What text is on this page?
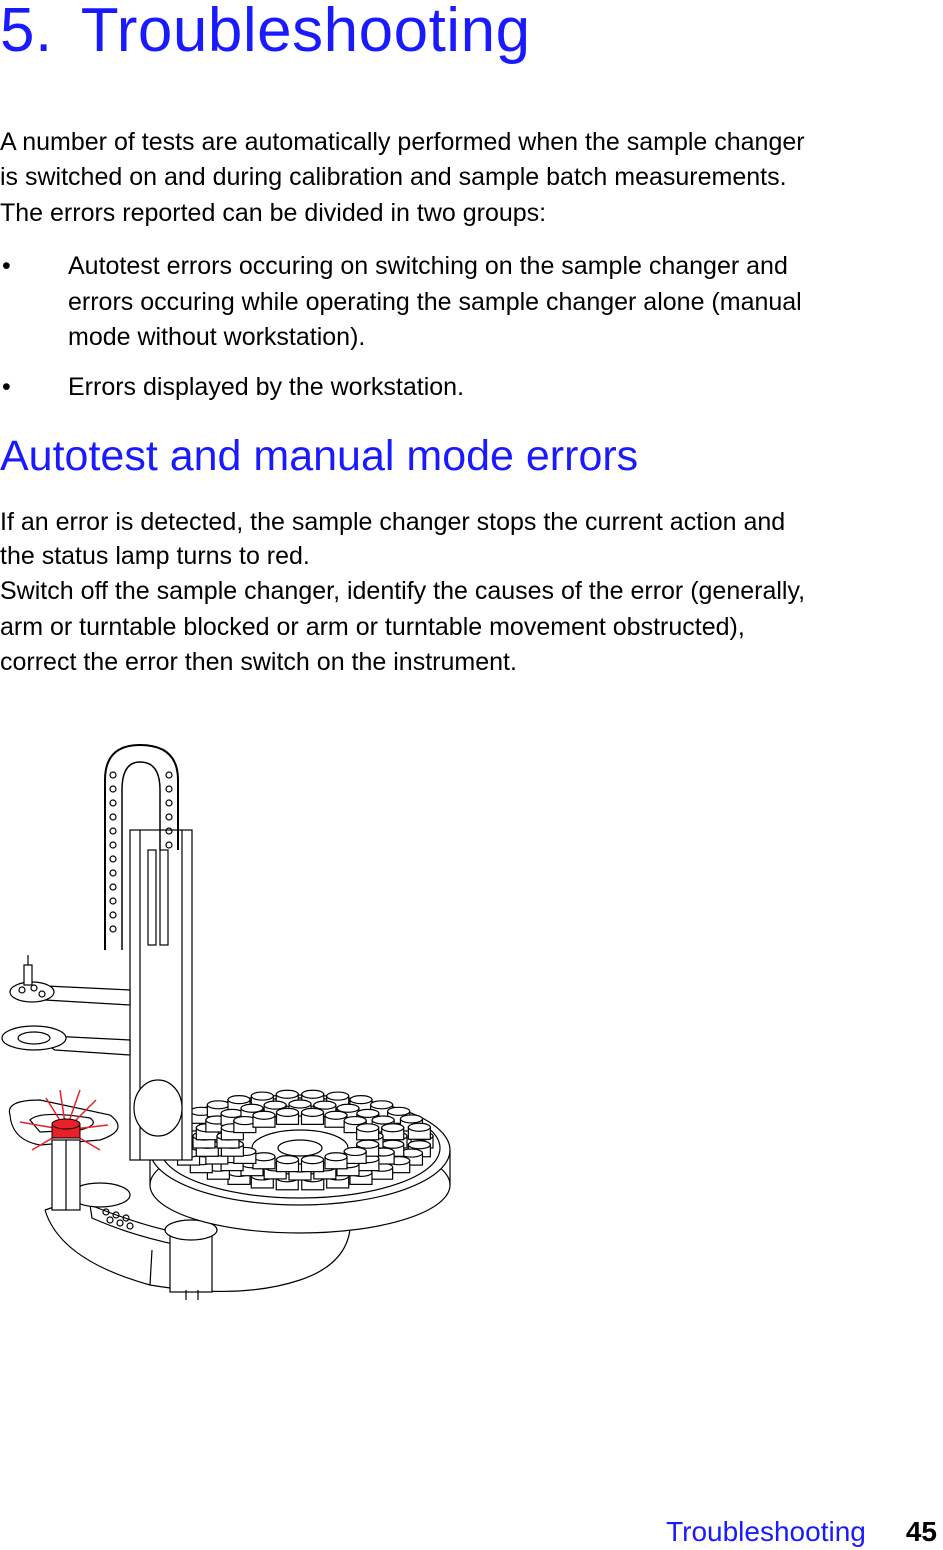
5. Troubleshooting

A number of tests are automatically performed when the sample changer

is switched on and during calibration and sample batch measurements.

The errors reported can be divided in two groups:

• Autotest errors occuring on switching on the sample changer and
errors occuring while operating the sample changer alone (manual
mode without workstation).
• Errors displayed by the workstation.
Autotest and manual mode errors

If an error is detected, the sample changer stops the current action and

the status lamp turns to red.

Switch off the sample changer, identify the causes of the error (generally,

arm or turntable blocked or arm or turntable movement obstructed),

correct the error then switch on the instrument.

Troubleshooting 45
